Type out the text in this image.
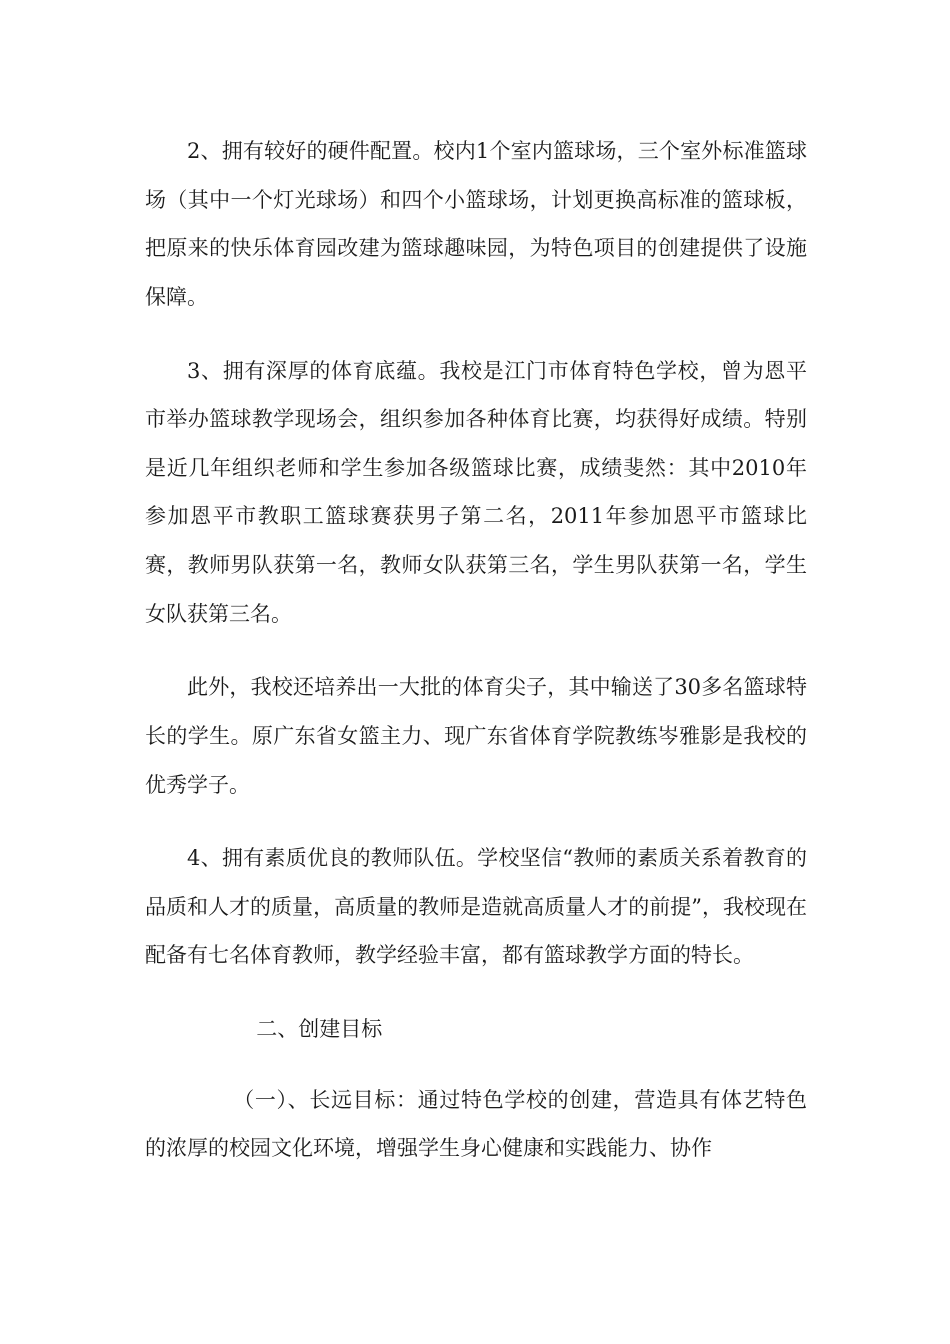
2、拥有较好的硬件配置。校内1个室内篮球场，三个室外标准篮球场（其中一个灯光球场）和四个小篮球场，计划更换高标准的篮球板，把原来的快乐体育园改建为篮球趣味园，为特色项目的创建提供了设施保障。

3、拥有深厚的体育底蕴。我校是江门市体育特色学校，曾为恩平市举办篮球教学现场会，组织参加各种体育比赛，均获得好成绩。特别是近几年组织老师和学生参加各级篮球比赛，成绩斐然：其中2010年参加恩平市教职工篮球赛获男子第二名，2011年参加恩平市篮球比赛，教师男队获第一名，教师女队获第三名，学生男队获第一名，学生女队获第三名。

此外，我校还培养出一大批的体育尖子，其中输送了30多名篮球特长的学生。原广东省女篮主力、现广东省体育学院教练岑雅影是我校的优秀学子。

4、拥有素质优良的教师队伍。学校坚信“教师的素质关系着教育的品质和人才的质量，高质量的教师是造就高质量人才的前提”，我校现在配备有七名体育教师，教学经验丰富，都有篮球教学方面的特长。

二、创建目标

（一）、长远目标：通过特色学校的创建，营造具有体艺特色的浓厚的校园文化环境，增强学生身心健康和实践能力、协作
